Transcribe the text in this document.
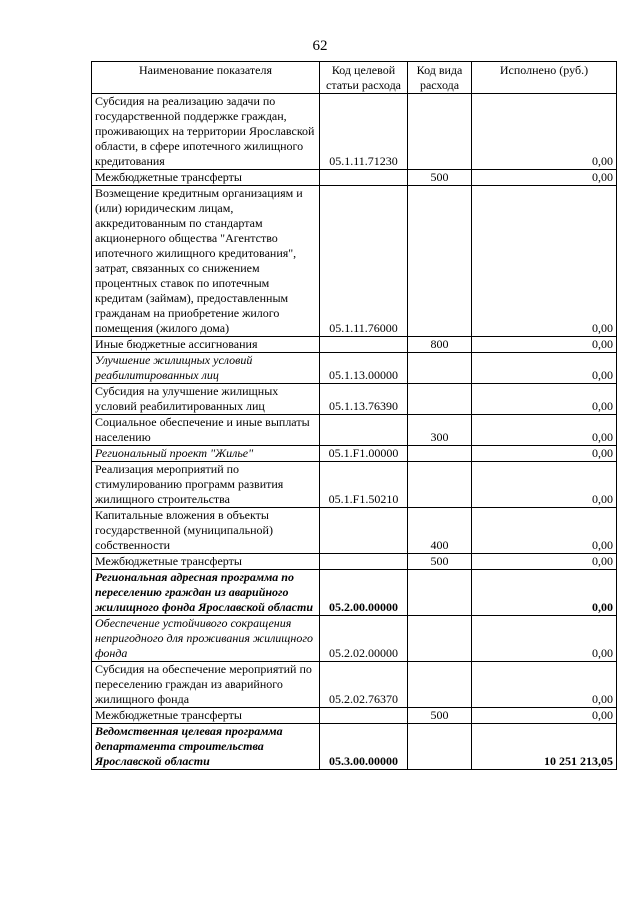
62
Наименование показателя	Код целевой статьи расхода	Код вида расхода	Исполнено (руб.)
Субсидия на реализацию задачи по государственной поддержке граждан, проживающих на территории Ярославской области, в сфере ипотечного жилищного кредитования	05.1.11.71230		0,00
Межбюджетные трансферты		500	0,00
Возмещение кредитным организациям и (или) юридическим лицам, аккредитованным по стандартам акционерного общества "Агентство ипотечного жилищного кредитования", затрат, связанных со снижением процентных ставок по ипотечным кредитам (займам), предоставленным гражданам на приобретение жилого помещения (жилого дома)	05.1.11.76000		0,00
Иные бюджетные ассигнования		800	0,00
Улучшение жилищных условий реабилитированных лиц	05.1.13.00000		0,00
Субсидия на улучшение жилищных условий реабилитированных лиц	05.1.13.76390		0,00
Социальное обеспечение и иные выплаты населению		300	0,00
Региональный проект "Жилье"	05.1.F1.00000		0,00
Реализация мероприятий по стимулированию программ развития жилищного строительства	05.1.F1.50210		0,00
Капитальные вложения в объекты государственной (муниципальной) собственности		400	0,00
Межбюджетные трансферты		500	0,00
Региональная адресная программа по переселению граждан из аварийного жилищного фонда Ярославской области	05.2.00.00000		0,00
Обеспечение устойчивого сокращения непригодного для проживания жилищного фонда	05.2.02.00000		0,00
Субсидия на обеспечение мероприятий по переселению граждан из аварийного жилищного фонда	05.2.02.76370		0,00
Межбюджетные трансферты		500	0,00
Ведомственная целевая программа департамента строительства Ярославской области	05.3.00.00000		10 251 213,05
